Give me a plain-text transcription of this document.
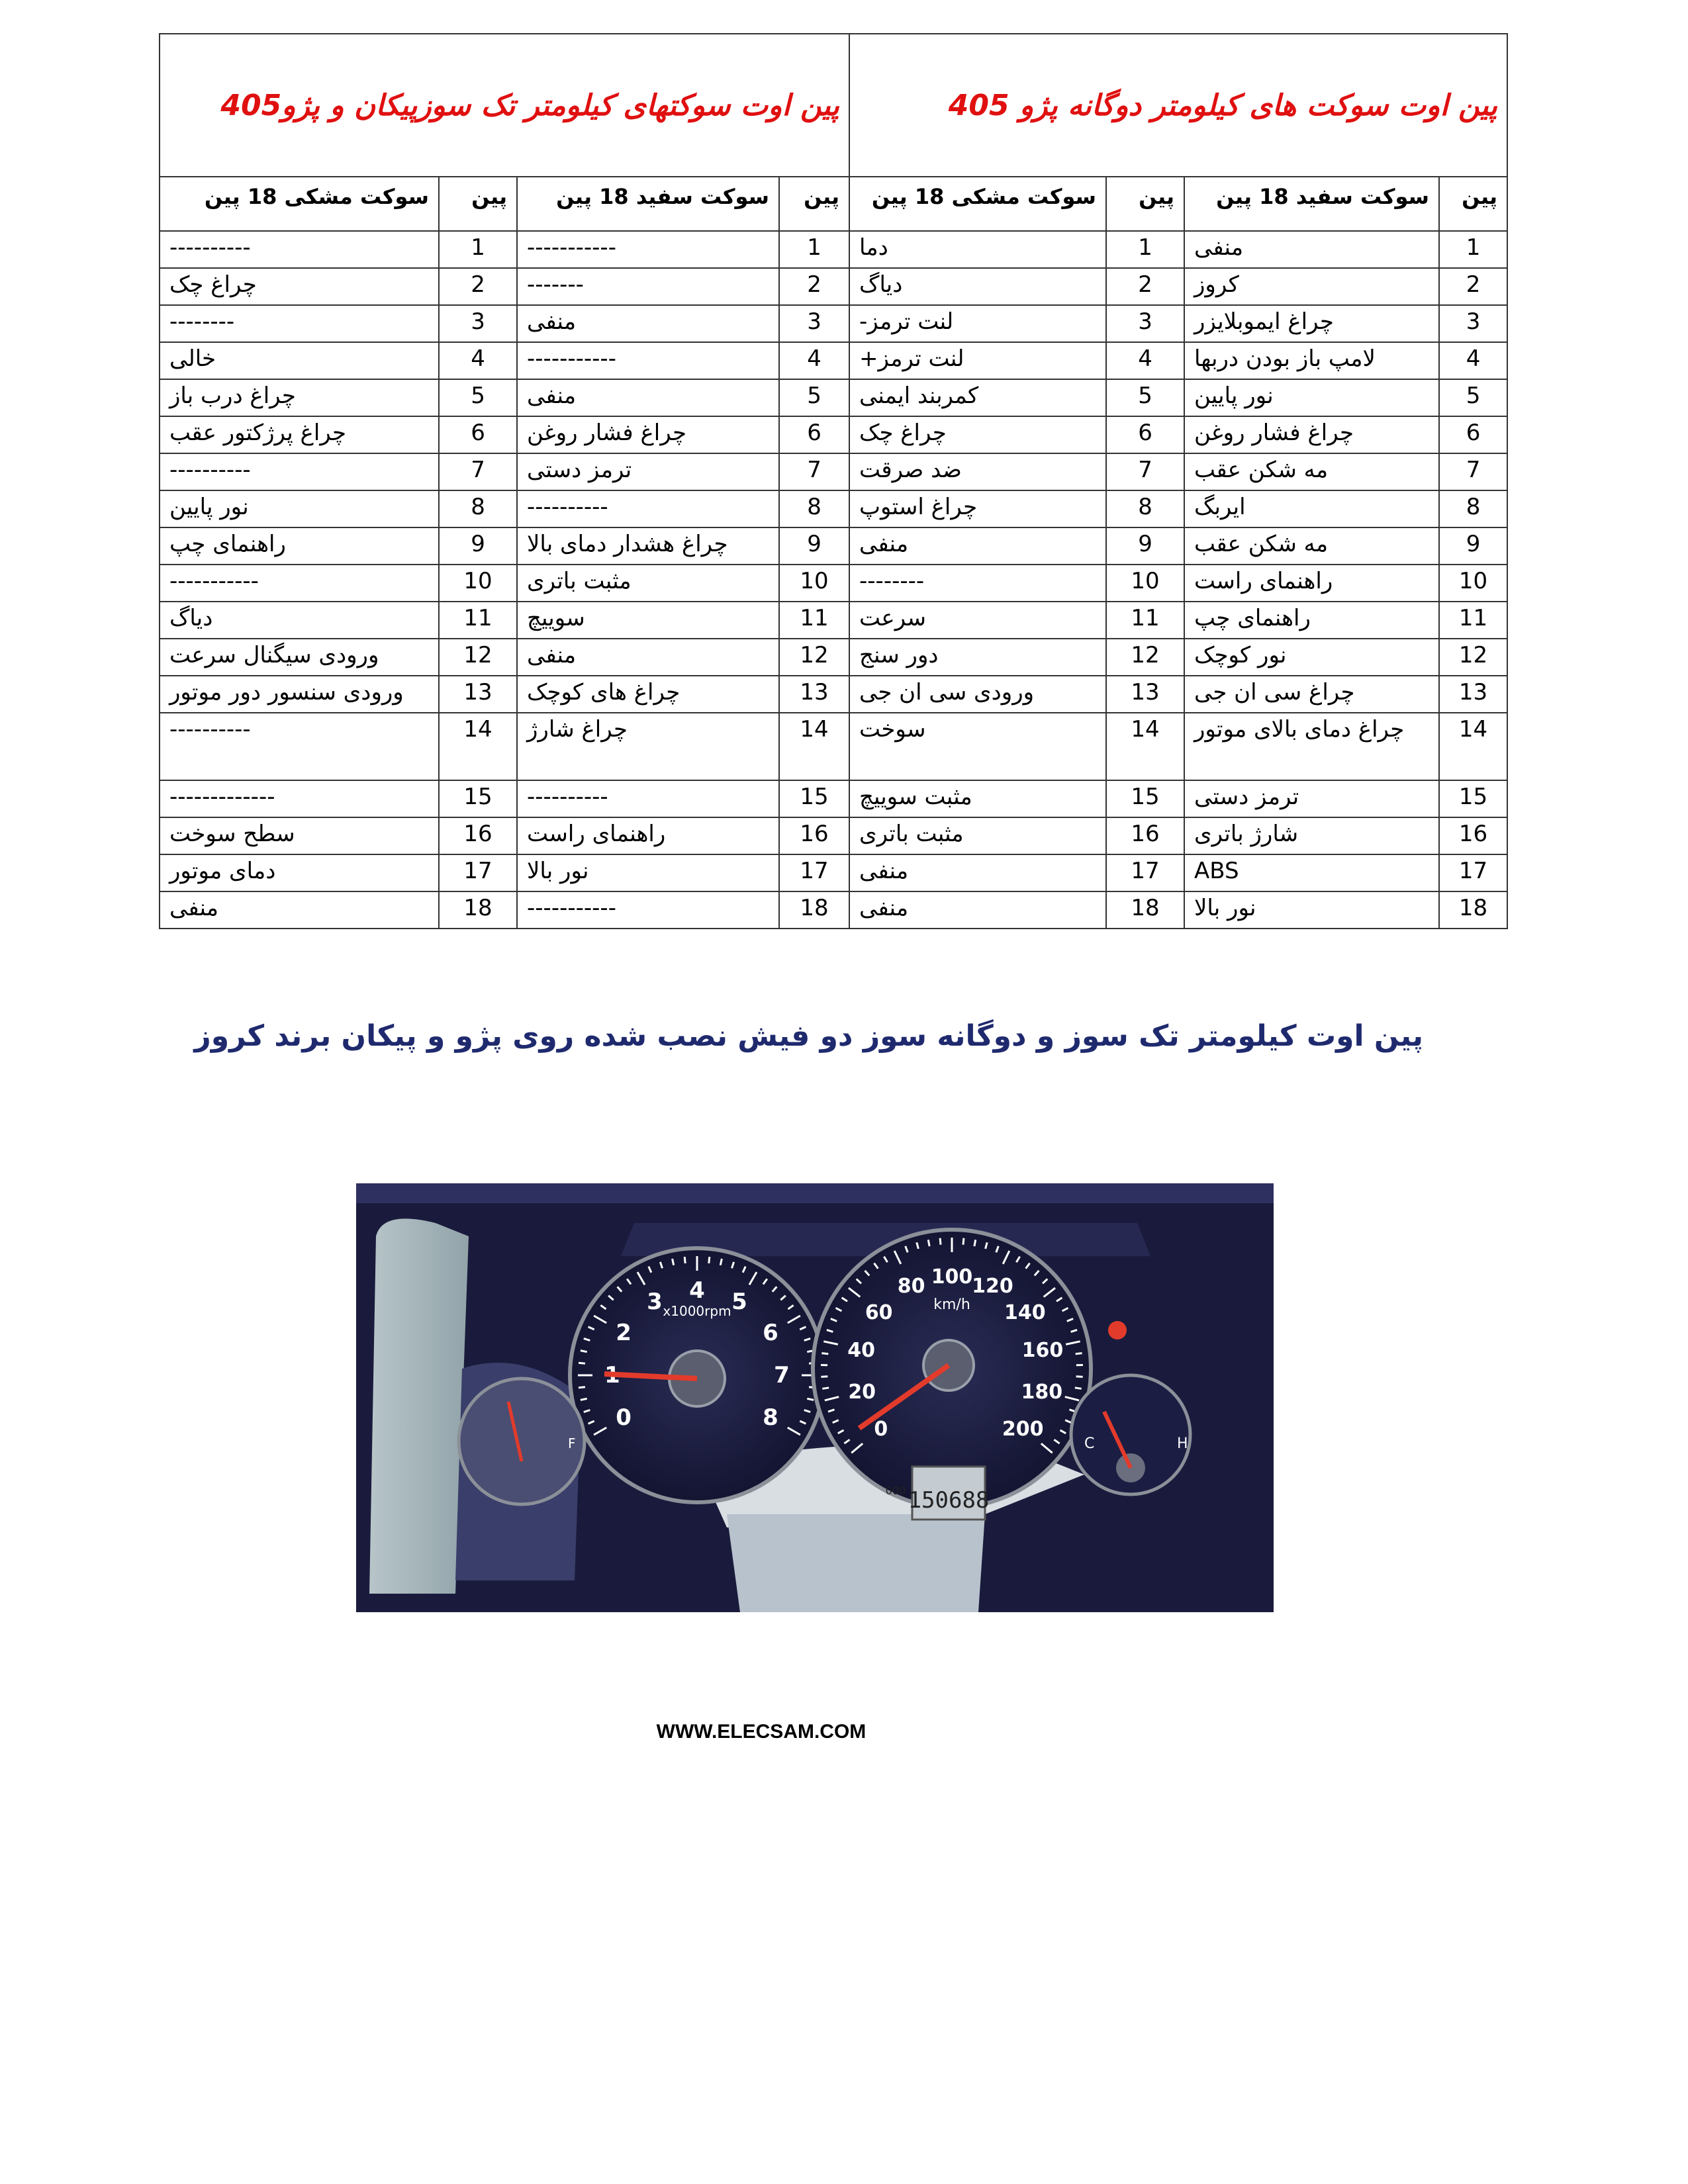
پین اوت سوکت های کیلومتر دوگانه پژو 405				پین اوت سوکتهای کیلومتر تک سوزپیکان و پژو405			
پین	سوکت سفید 18 پین	پین	سوکت مشکی 18 پین	پین	سوکت سفید 18 پین	پین	سوکت مشکی 18 پین
1	منفی	1	دما	1	-----------	1	----------
2	کروز	2	دیاگ	2	-------	2	چراغ چک
3	چراغ ایموبلایزر	3	لنت ترمز-	3	منفی	3	--------
4	لامپ باز بودن دربها	4	لنت ترمز+	4	-----------	4	خالی
5	نور پایین	5	کمربند ایمنی	5	منفی	5	چراغ درب باز
6	چراغ فشار روغن	6	چراغ چک	6	چراغ فشار روغن	6	چراغ پرژکتور عقب
7	مه شکن عقب	7	ضد صرقت	7	ترمز دستی	7	----------
8	ایربگ	8	چراغ استوپ	8	----------	8	نور پایین
9	مه شکن عقب	9	منفی	9	چراغ هشدار دمای بالا	9	راهنمای چپ
10	راهنمای راست	10	--------	10	مثبت باتری	10	-----------
11	راهنمای چپ	11	سرعت	11	سوییچ	11	دیاگ
12	نور کوچک	12	دور سنج	12	منفی	12	ورودی سیگنال سرعت
13	چراغ سی ان جی	13	ورودی سی ان جی	13	چراغ های کوچک	13	ورودی سنسور دور موتور
14	چراغ دمای بالای موتور	14	سوخت	14	چراغ شارژ	14	----------
15	ترمز دستی	15	مثبت سوییچ	15	----------	15	-------------
16	شارژ باتری	16	مثبت باتری	16	راهنمای راست	16	سطح سوخت
17	ABS	17	منفی	17	نور بالا	17	دمای موتور
18	نور بالا	18	منفی	18	-----------	18	منفی
پین اوت کیلومتر تک سوز و دوگانه سوز دو فیش نصب شده روی پژو و پیکان برند کروز
0
2
3 4 5
6
7
8
x1000rpm
0
20
40
60
80 100
120
140
160
180
200
km/h
150688
000
H
C
F
WWW.ELECSAM.COM
